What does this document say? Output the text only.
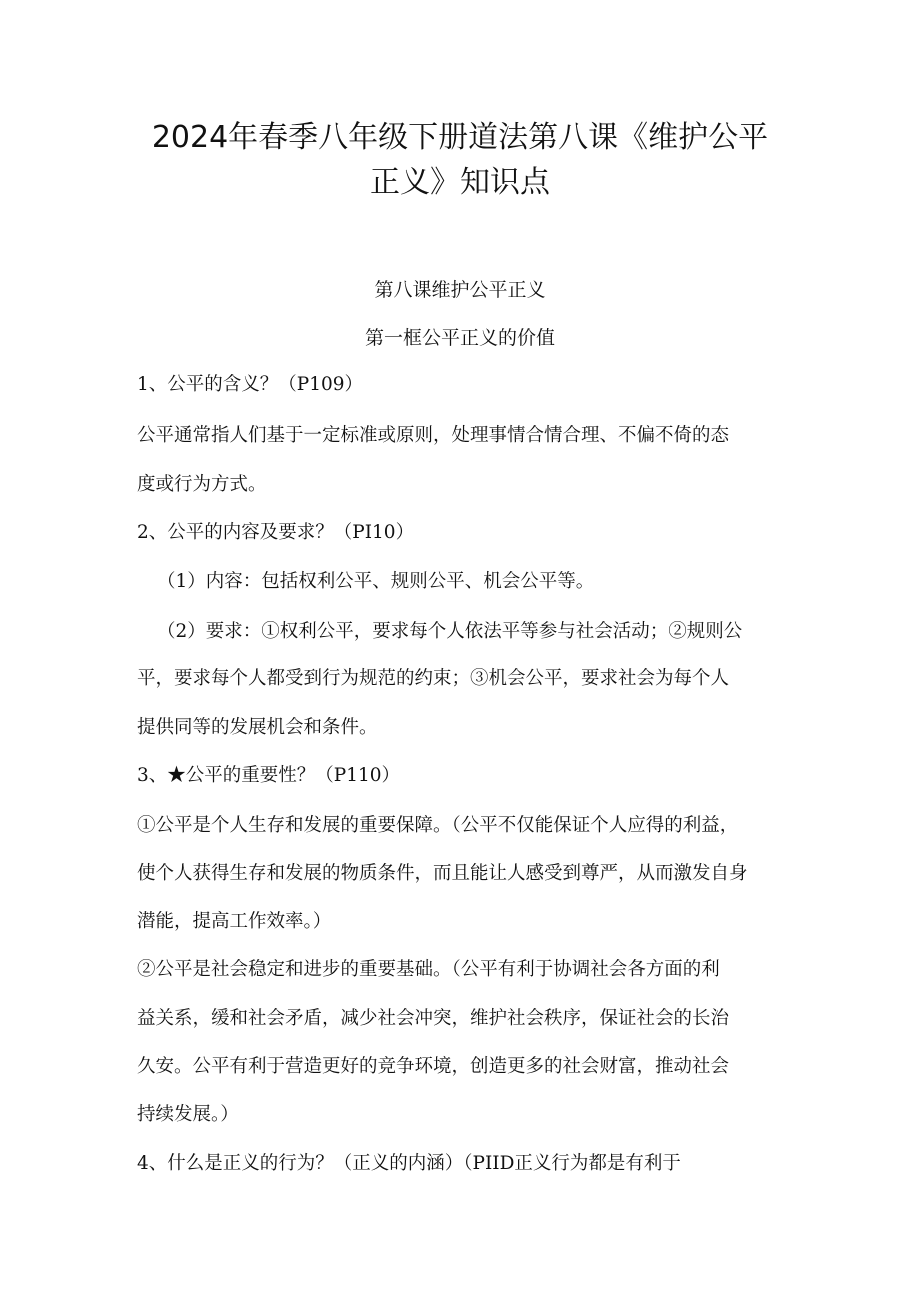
2024年春季八年级下册道法第八课《维护公平
正义》知识点
第八课维护公平正义
第一框公平正义的价值

1、公平的含义？（P109）

公平通常指人们基于一定标准或原则，处理事情合情合理、不偏不倚的态

度或行为方式。

2、公平的内容及要求？（PI10）

（1）内容：包括权利公平、规则公平、机会公平等。

（2）要求：①权利公平，要求每个人依法平等参与社会活动；②规则公

平，要求每个人都受到行为规范的约束；③机会公平，要求社会为每个人

提供同等的发展机会和条件。

3、★公平的重要性？（P110）

①公平是个人生存和发展的重要保障。（公平不仅能保证个人应得的利益，

使个人获得生存和发展的物质条件，而且能让人感受到尊严，从而激发自身

潜能，提高工作效率。）

②公平是社会稳定和进步的重要基础。（公平有利于协调社会各方面的利

益关系，缓和社会矛盾，减少社会冲突，维护社会秩序，保证社会的长治

久安。公平有利于营造更好的竞争环境，创造更多的社会财富，推动社会

持续发展。）

4、什么是正义的行为？（正义的内涵）（PIID正义行为都是有利于
